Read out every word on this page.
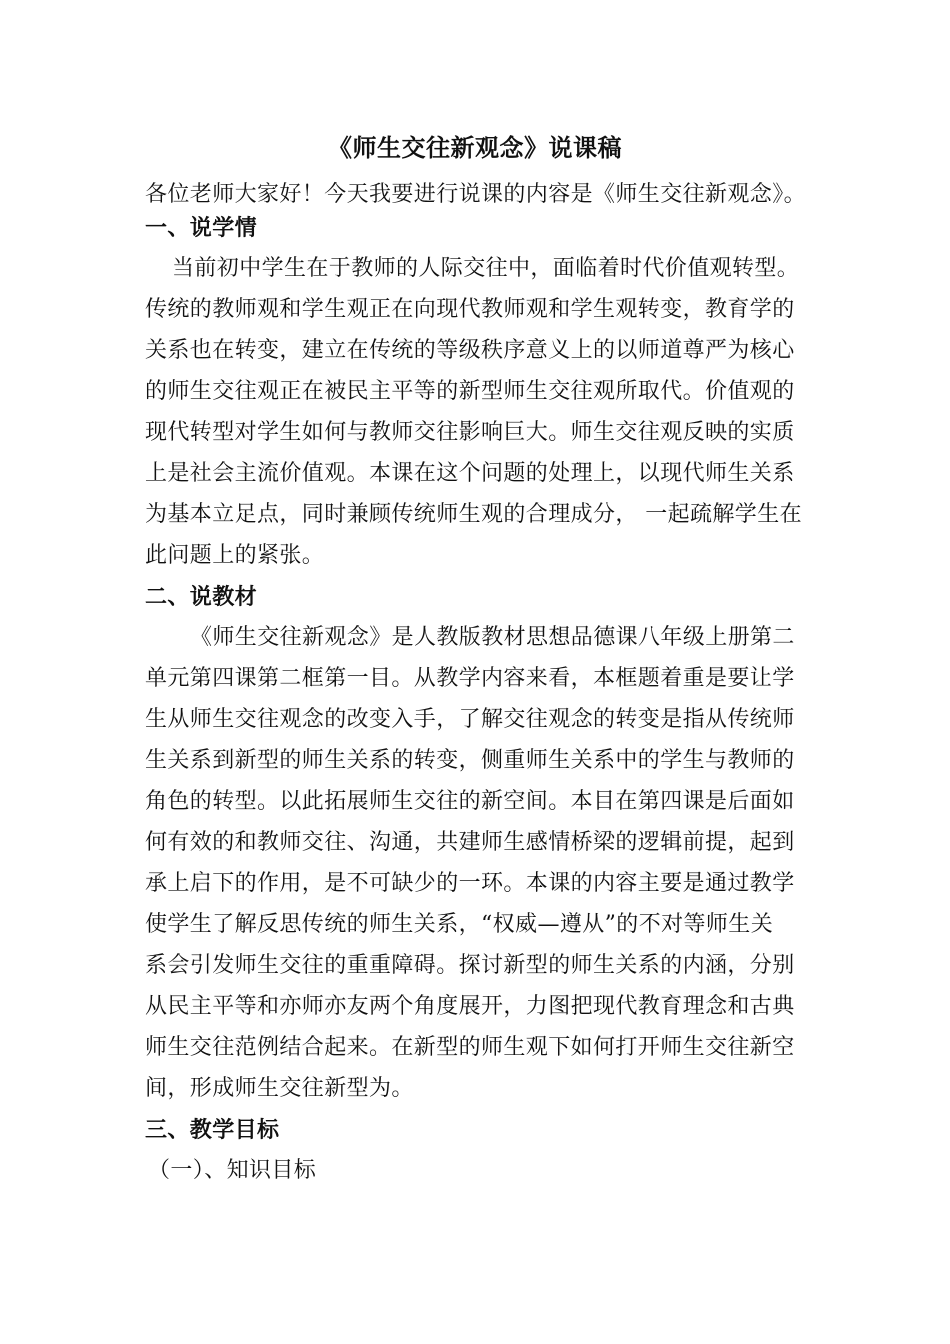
《师生交往新观念》说课稿
各位老师大家好！今天我要进行说课的内容是《师生交往新观念》。
一、说学情
当前初中学生在于教师的人际交往中，面临着时代价值观转型。
传统的教师观和学生观正在向现代教师观和学生观转变，教育学的
关系也在转变，建立在传统的等级秩序意义上的以师道尊严为核心
的师生交往观正在被民主平等的新型师生交往观所取代。价值观的
现代转型对学生如何与教师交往影响巨大。师生交往观反映的实质
上是社会主流价值观。本课在这个问题的处理上，以现代师生关系
为基本立足点，同时兼顾传统师生观的合理成分， 一起疏解学生在
此问题上的紧张。
二、说教材
《师生交往新观念》是人教版教材思想品德课八年级上册第二
单元第四课第二框第一目。从教学内容来看，本框题着重是要让学
生从师生交往观念的改变入手，了解交往观念的转变是指从传统师
生关系到新型的师生关系的转变，侧重师生关系中的学生与教师的
角色的转型。以此拓展师生交往的新空间。本目在第四课是后面如
何有效的和教师交往、沟通，共建师生感情桥梁的逻辑前提，起到
承上启下的作用，是不可缺少的一环。本课的内容主要是通过教学
使学生了解反思传统的师生关系，“权威—遵从”的不对等师生关
系会引发师生交往的重重障碍。探讨新型的师生关系的内涵，分别
从民主平等和亦师亦友两个角度展开，力图把现代教育理念和古典
师生交往范例结合起来。在新型的师生观下如何打开师生交往新空
间，形成师生交往新型为。
三、教学目标
（一）、知识目标
